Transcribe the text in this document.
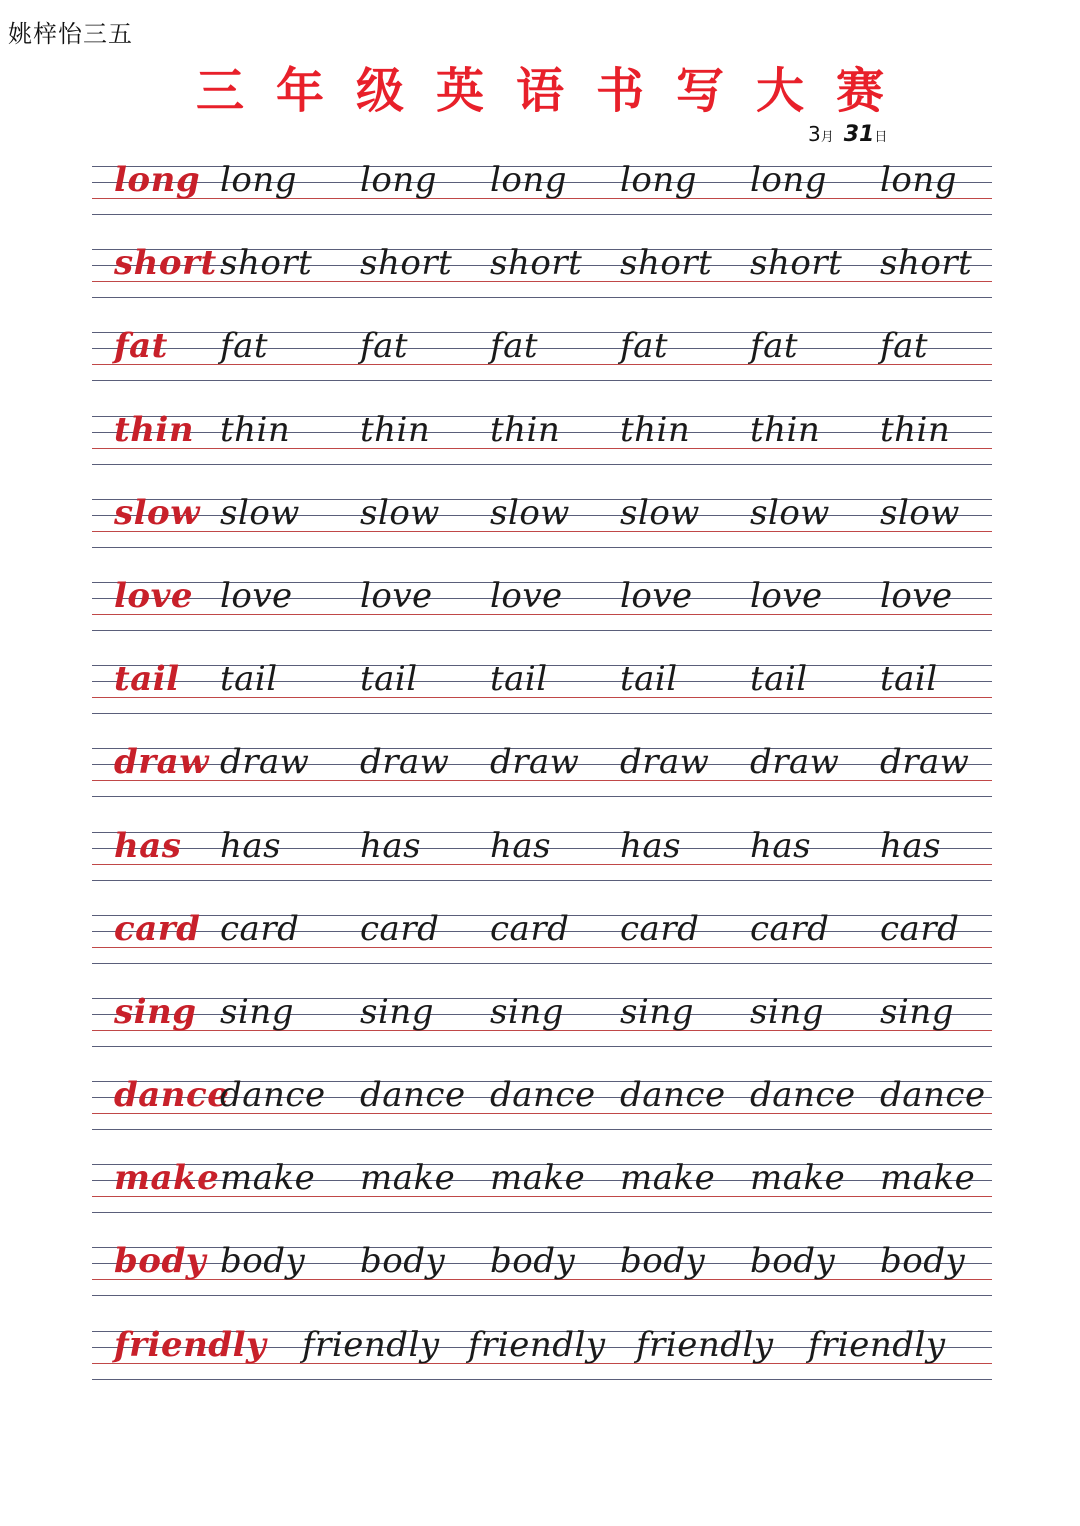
姚梓怡三五
三 年 级 英 语 书 写 大 赛
3月 31日
long long long long long long long
short short short short short short short
fat fat	fat fat fat fat fat
thin thin thin thin thin thin thin
slow slow slow slow slow slow slow
love love love love love love love
tail tail tail tail tail tail tail
draw draw draw draw draw draw draw
has has has has has has has
card card card card card card card
sing sing sing sing sing sing sing
dance
dance dance dance dance dance dance
make make make make make make make
body body body body body body body
friendly friendly friendly friendly friendly
